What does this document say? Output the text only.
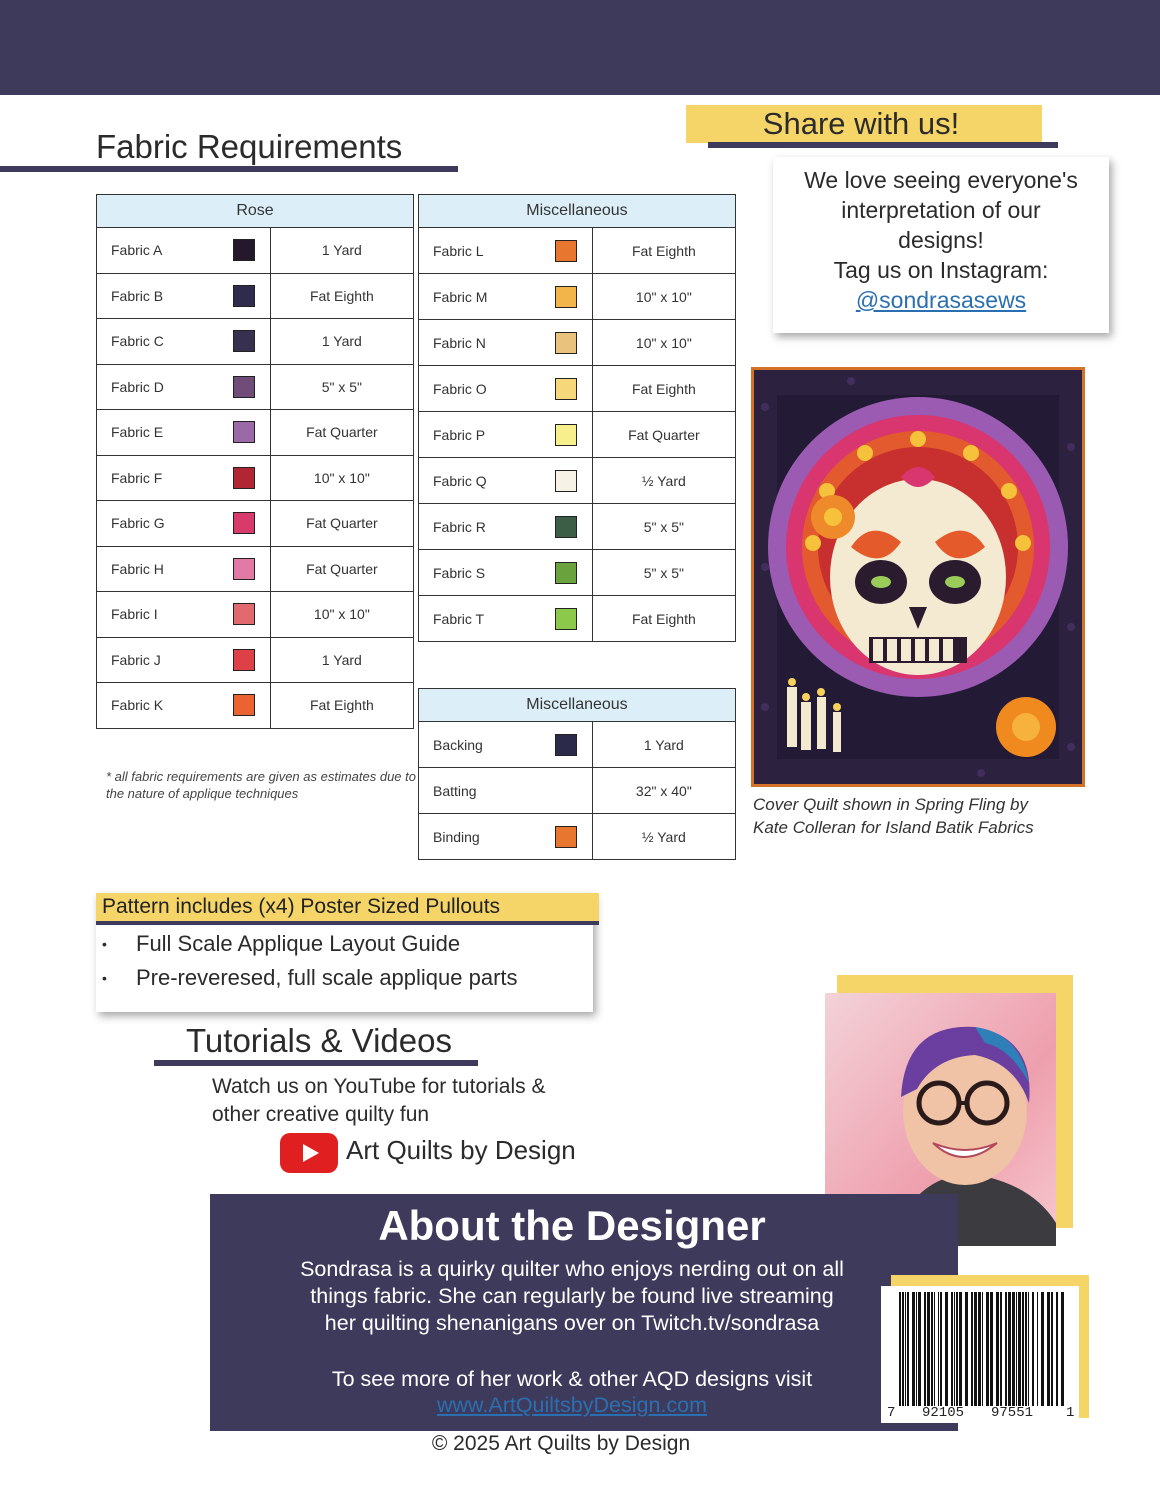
Fabric Requirements
Rose		
Fabric A		1 Yard
Fabric B		Fat Eighth
Fabric C		1 Yard
Fabric D		5" x 5"
Fabric E		Fat Quarter
Fabric F		10" x 10"
Fabric G		Fat Quarter
Fabric H		Fat Quarter
Fabric I		10" x 10"
Fabric J		1 Yard
Fabric K		Fat Eighth
Miscellaneous		
Fabric L		Fat Eighth
Fabric M		10" x 10"
Fabric N		10" x 10"
Fabric O		Fat Eighth
Fabric P		Fat Quarter
Fabric Q		½ Yard
Fabric R		5" x 5"
Fabric S		5" x 5"
Fabric T		Fat Eighth
Miscellaneous		
Backing		1 Yard
Batting		32" x 40"
Binding		½ Yard
* all fabric requirements are given as estimates due to the nature of applique techniques
Share with us!
We love seeing everyone's
interpretation of our
designs!
Tag us on Instagram:
@sondrasasews
Cover Quilt shown in Spring Fling by
Kate Colleran for Island Batik Fabrics
Pattern includes (x4) Poster Sized Pullouts
• Full Scale Applique Layout Guide
• Pre-reveresed, full scale applique parts
Tutorials & Videos
Watch us on YouTube for tutorials &
other creative quilty fun
Art Quilts by Design
About the Designer
Sondrasa is a quirky quilter who enjoys nerding out on all
things fabric. She can regularly be found live streaming
her quilting shenanigans over on Twitch.tv/sondrasa
To see more of her work & other AQD designs visit
www.ArtQuiltsbyDesign.com	7 92105 97551 1
© 2025 Art Quilts by Design
